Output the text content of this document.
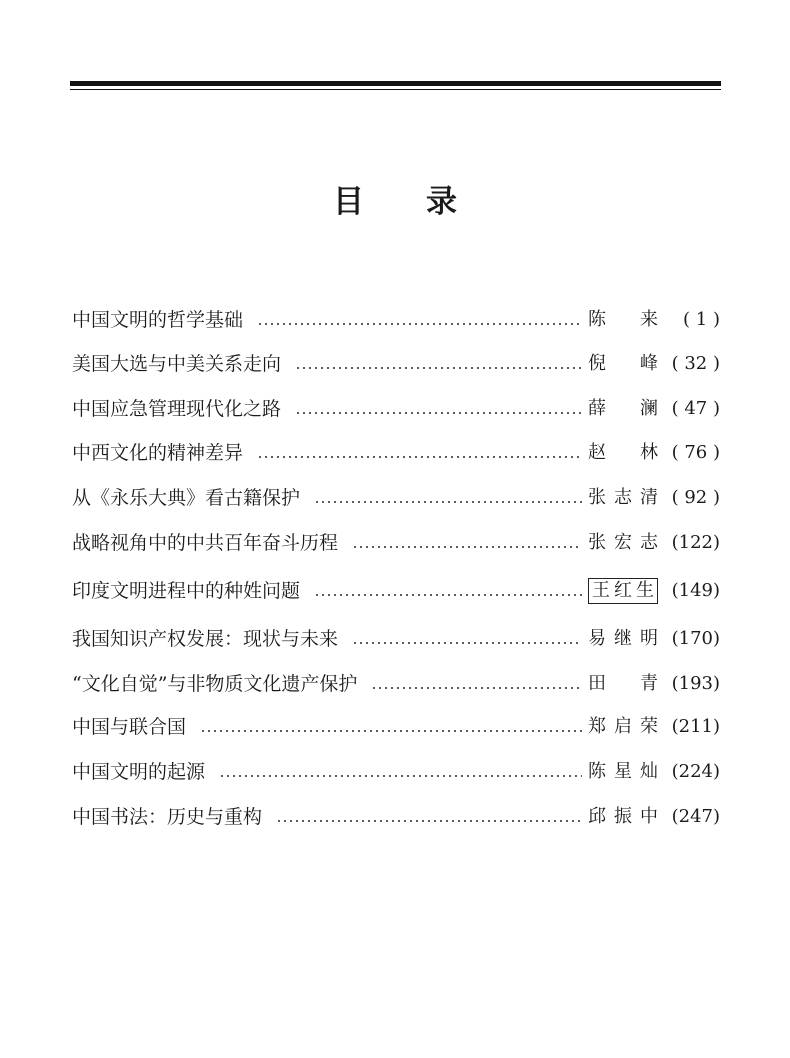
目 录
中国文明的哲学基础	陈 来	( 1 )
美国大选与中美关系走向	倪 峰 ( 32 )
中国应急管理现代化之路	薛 澜 ( 47 )
中西文化的精神差异	赵 林 ( 76 )
从《永乐大典》看古籍保护	张志清 ( 92 )
战略视角中的中共百年奋斗历程	张宏志 (122)
印度文明进程中的种姓问题	王红生 (149)
我国知识产权发展：现状与未来	易继明 (170)
“文化自觉”与非物质文化遗产保护	田 青 (193)
中国与联合国	郑启荣 (211)
中国文明的起源	陈星灿 (224)
中国书法：历史与重构	邱振中 (247)
